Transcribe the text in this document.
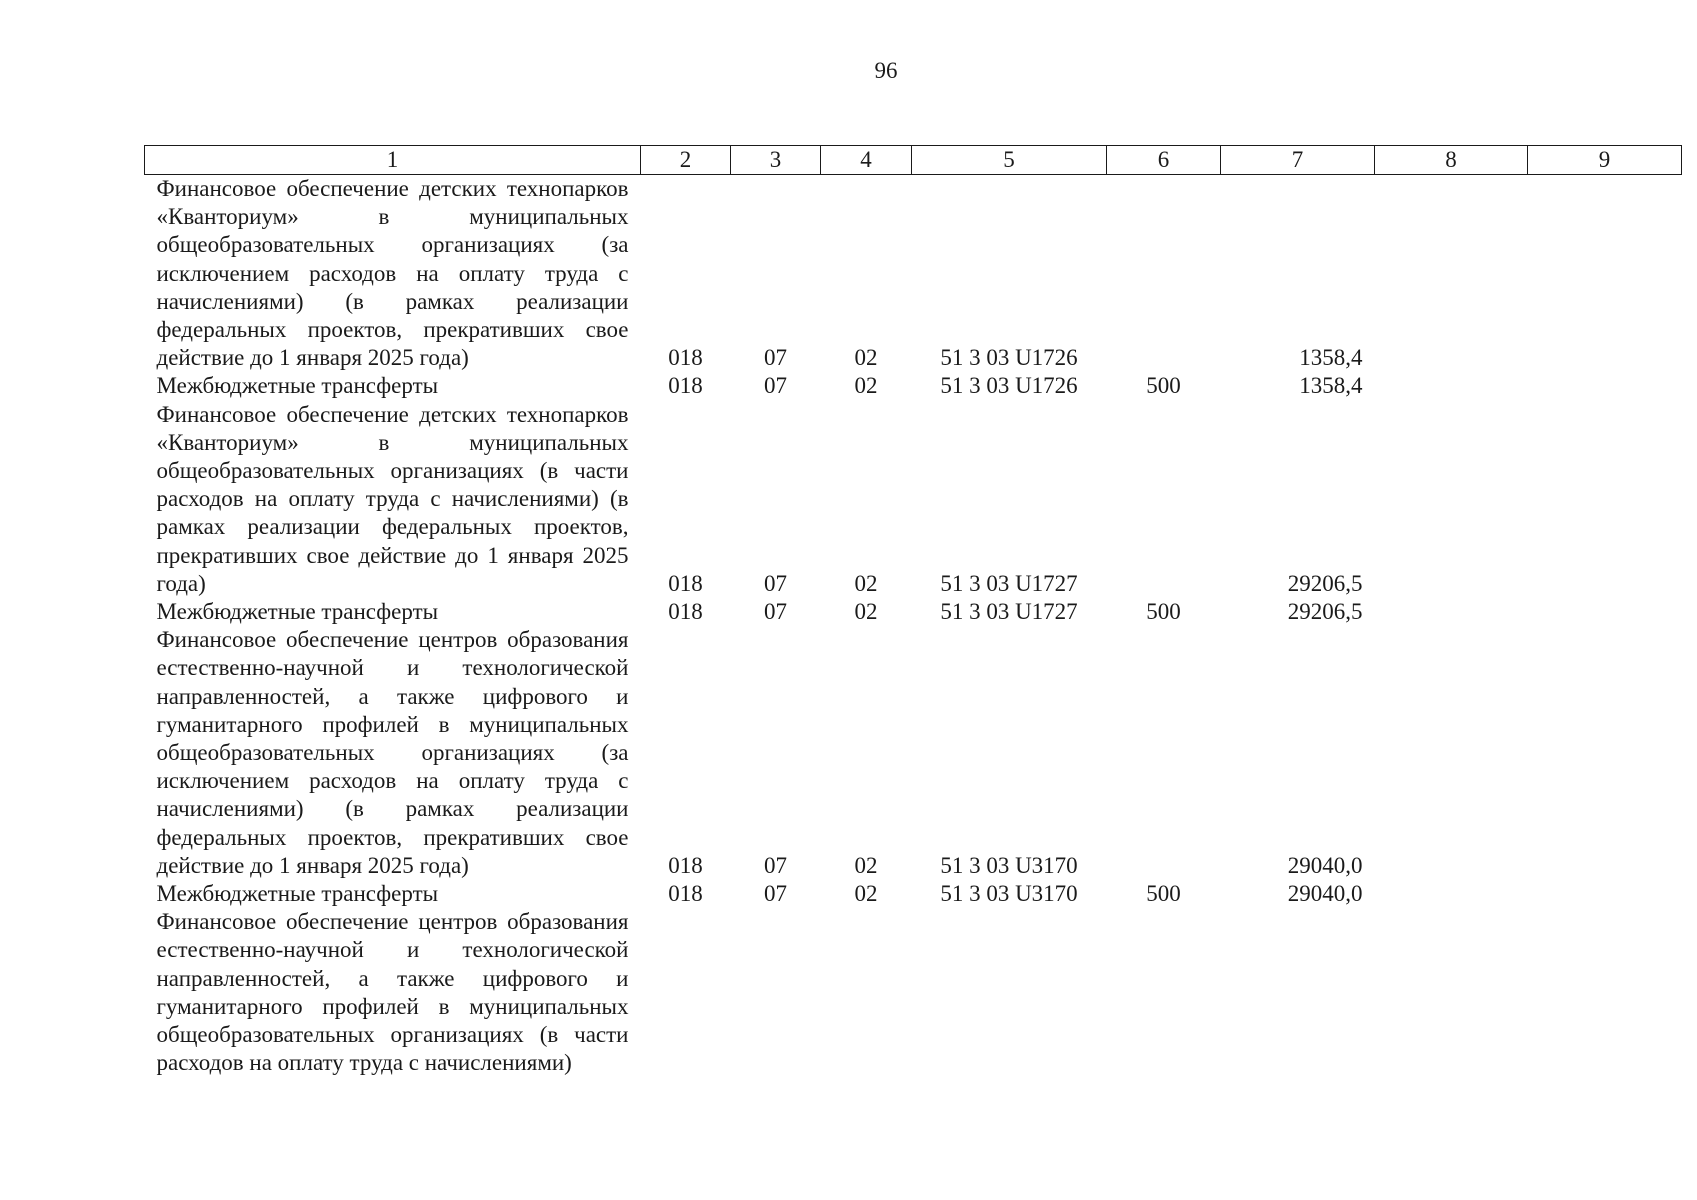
96
1	2	3	4	5	6	7	8	9
Финансовое обеспечение детских технопарков «Кванториум» в муниципальных общеобразовательных организациях (за исключением расходов на оплату труда с начислениями) (в рамках реализации федеральных проектов, прекративших свое действие до 1 января 2025 года)	018	07	02	51 3 03 U1726		1358,4		
Межбюджетные трансферты	018	07	02	51 3 03 U1726	500	1358,4		
Финансовое обеспечение детских технопарков «Кванториум» в муниципальных общеобразовательных организациях (в части расходов на оплату труда с начислениями) (в рамках реализации федеральных проектов, прекративших свое действие до 1 января 2025 года)	018	07	02	51 3 03 U1727		29206,5		
Межбюджетные трансферты	018	07	02	51 3 03 U1727	500	29206,5		
Финансовое обеспечение центров образования естественно-научной и технологической направленностей, а также цифрового и гуманитарного профилей в муниципальных общеобразовательных организациях (за исключением расходов на оплату труда с начислениями) (в рамках реализации федеральных проектов, прекративших свое действие до 1 января 2025 года)	018	07	02	51 3 03 U3170		29040,0		
Межбюджетные трансферты	018	07	02	51 3 03 U3170	500	29040,0		
Финансовое обеспечение центров образования естественно-научной и технологической направленностей, а также цифрового и гуманитарного профилей в муниципальных общеобразовательных организациях (в части расходов на оплату труда с начислениями)								
